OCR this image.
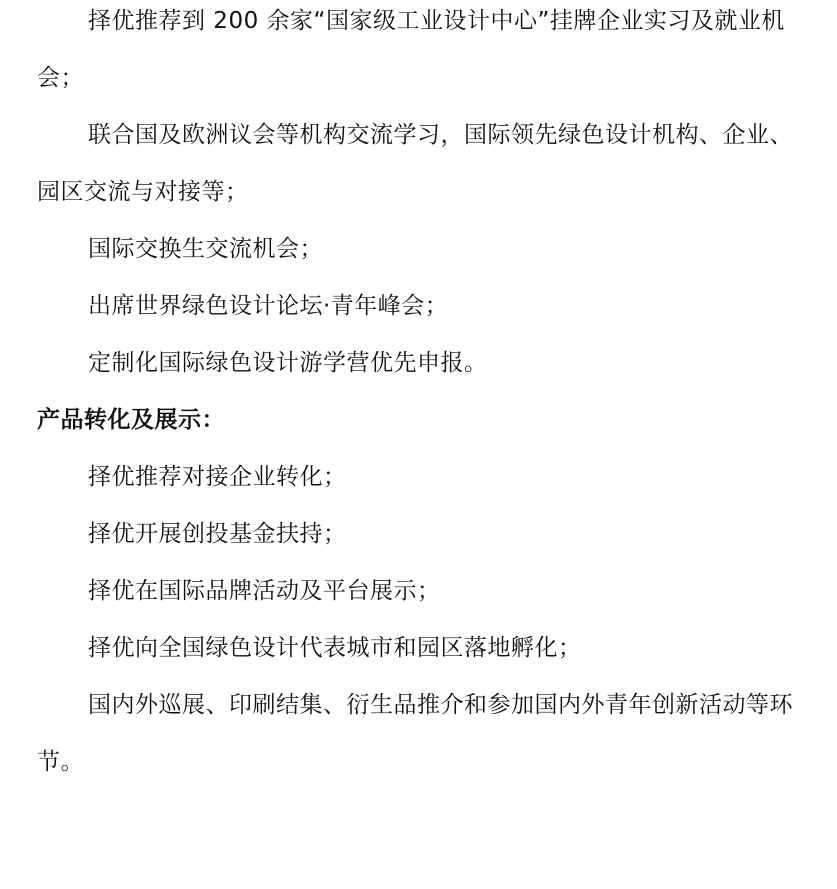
择优推荐到 200 余家“国家级工业设计中心”挂牌企业实习及就业机会；

联合国及欧洲议会等机构交流学习，国际领先绿色设计机构、企业、园区交流与对接等；

国际交换生交流机会；

出席世界绿色设计论坛·青年峰会；

定制化国际绿色设计游学营优先申报。

产品转化及展示：

择优推荐对接企业转化；

择优开展创投基金扶持；

择优在国际品牌活动及平台展示；

择优向全国绿色设计代表城市和园区落地孵化；

国内外巡展、印刷结集、衍生品推介和参加国内外青年创新活动等环节。
